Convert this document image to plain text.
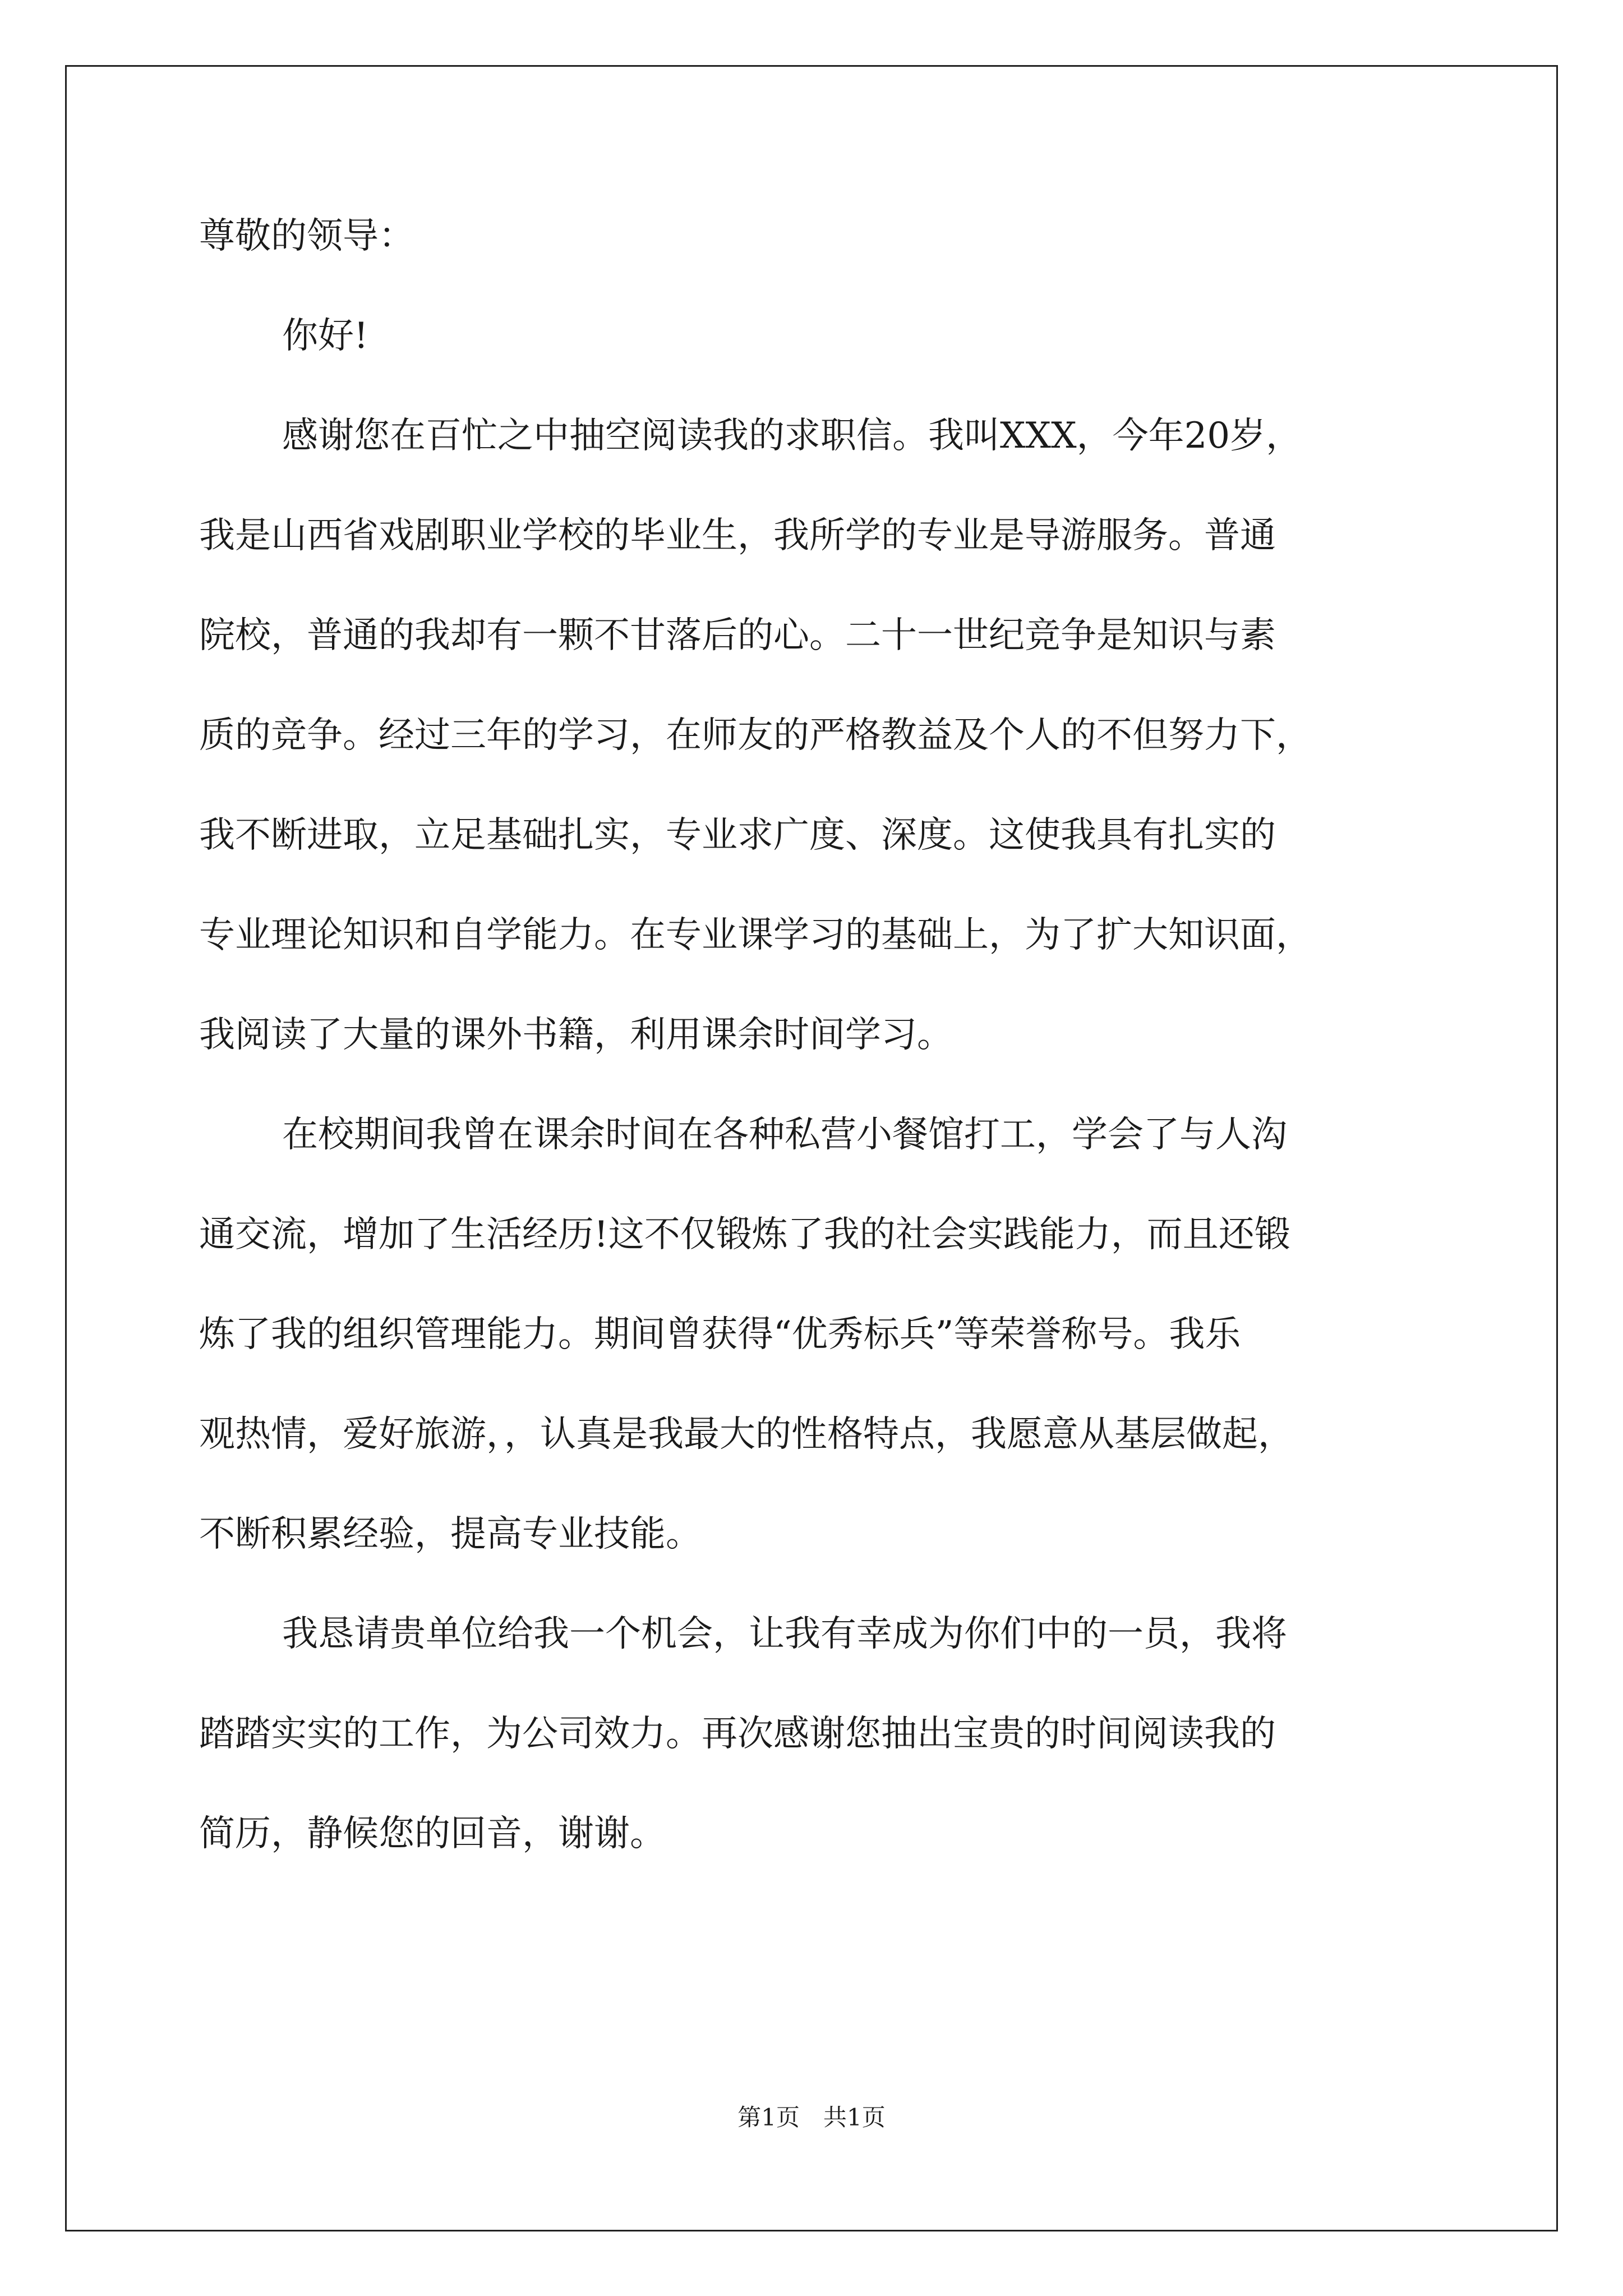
尊敬的领导：
你好!
感谢您在百忙之中抽空阅读我的求职信。我叫XXX，今年20岁，
我是山西省戏剧职业学校的毕业生，我所学的专业是导游服务。普通
院校，普通的我却有一颗不甘落后的心。二十一世纪竞争是知识与素
质的竞争。经过三年的学习，在师友的严格教益及个人的不但努力下，
我不断进取，立足基础扎实，专业求广度、深度。这使我具有扎实的
专业理论知识和自学能力。在专业课学习的基础上，为了扩大知识面，
我阅读了大量的课外书籍，利用课余时间学习。
在校期间我曾在课余时间在各种私营小餐馆打工，学会了与人沟
通交流，增加了生活经历!这不仅锻炼了我的社会实践能力，而且还锻
炼了我的组织管理能力。期间曾获得“优秀标兵”等荣誉称号。我乐
观热情，爱好旅游，，认真是我最大的性格特点，我愿意从基层做起，
不断积累经验，提高专业技能。
我恳请贵单位给我一个机会，让我有幸成为你们中的一员，我将
踏踏实实的工作，为公司效力。再次感谢您抽出宝贵的时间阅读我的
简历，静候您的回音，谢谢。
第1页　共1页
